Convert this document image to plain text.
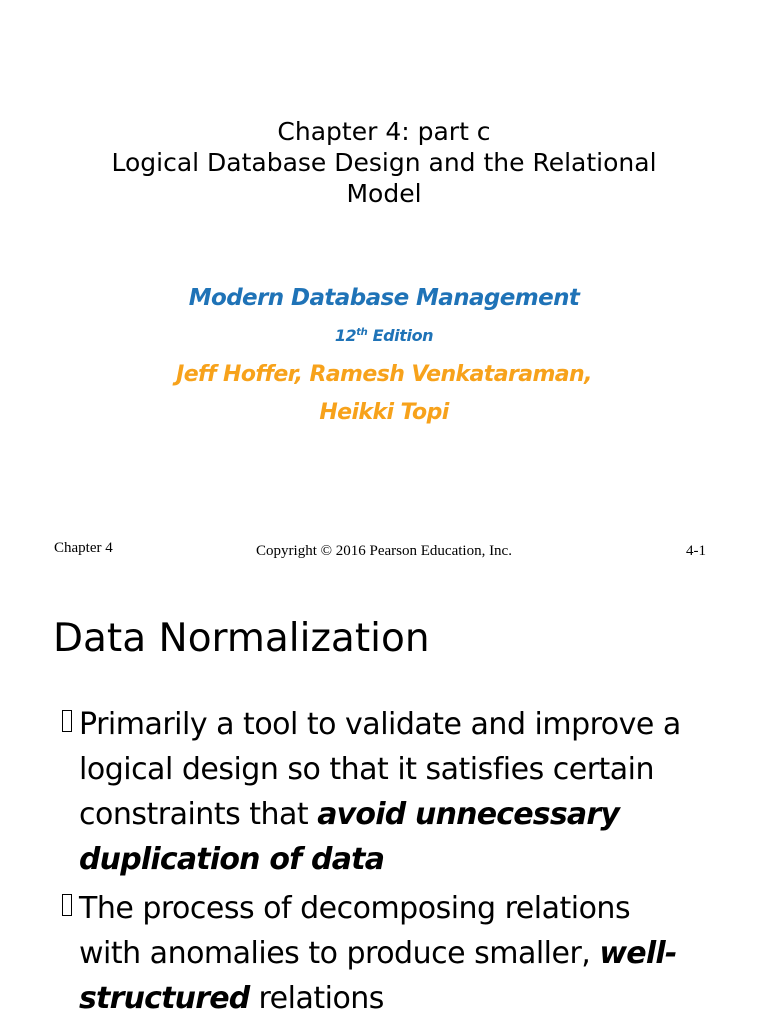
Chapter 4: part c
Logical Database Design and the Relational
Model
Modern Database Management
12th Edition
Jeff Hoffer, Ramesh Venkataraman,
Heikki Topi
Chapter 4	Copyright © 2016 Pearson Education, Inc.	4-1
Data Normalization
Primarily a tool to validate and improve a
logical design so that it satisfies certain
constraints that avoid unnecessary
duplication of data
The process of decomposing relations
with anomalies to produce smaller, well-
structured relations
